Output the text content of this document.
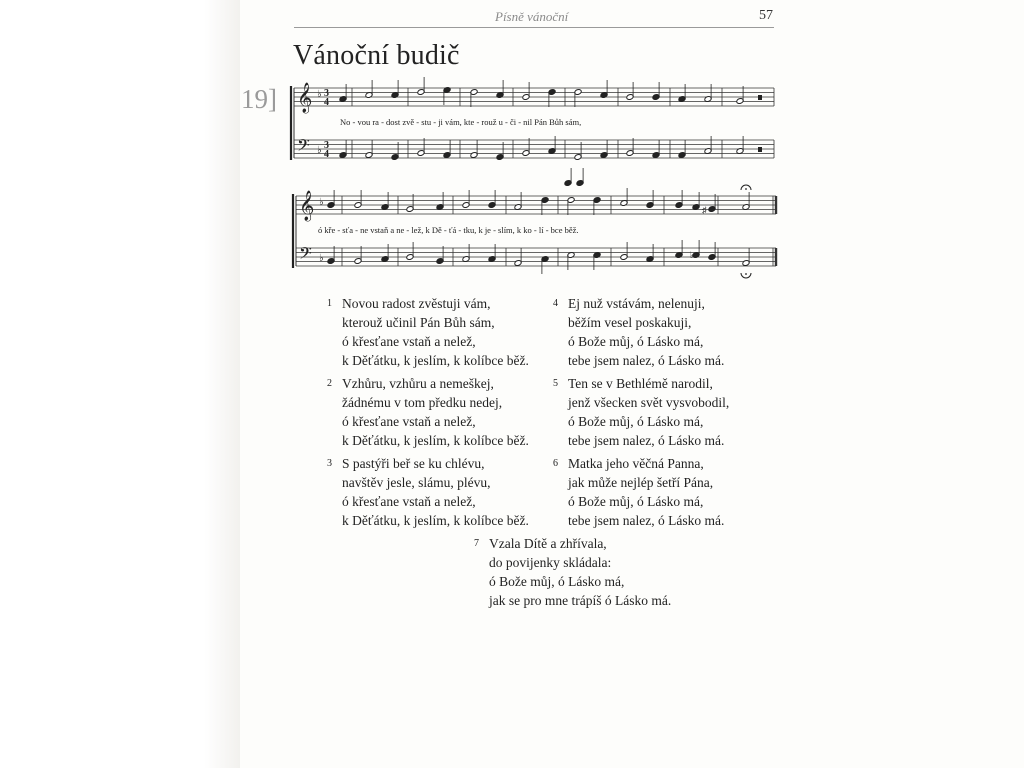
Písně vánoční	57
Vánoční budič
19] 𝄞
𝄢
♭
♭
3
4
3
4
𝄞
𝄢
♭
♭
♯
♭
No - vou ra - dost zvě - stu - ji vám, kte - rouž u - či - nil Pán Bůh sám,
ó kře - sťa - ne vstaň a ne - lež, k Dě - ťá - tku, k je - slím, k ko - lí - bce běž.
1 Novou radost zvěstuji vám,
kterouž učinil Pán Bůh sám,
ó křesťane vstaň a nelež,
k Děťátku, k jeslím, k kolíbce běž.
2 Vzhůru, vzhůru a nemeškej,
žádnému v tom předku nedej,
ó křesťane vstaň a nelež,
k Děťátku, k jeslím, k kolíbce běž.
3 S pastýři beř se ku chlévu,
navštěv jesle, slámu, plévu,
ó křesťane vstaň a nelež,
k Děťátku, k jeslím, k kolíbce běž.
4 Ej nuž vstávám, nelenuji,
běžím vesel poskakuji,
ó Bože můj, ó Lásko má,
tebe jsem nalez, ó Lásko má.
5 Ten se v Bethlémě narodil,
jenž všecken svět vysvobodil,
ó Bože můj, ó Lásko má,
tebe jsem nalez, ó Lásko má.
6 Matka jeho věčná Panna,
jak může nejlép šetří Pána,
ó Bože můj, ó Lásko má,
tebe jsem nalez, ó Lásko má.
7 Vzala Dítě a zhřívala,
do povijenky skládala:
ó Bože můj, ó Lásko má,
jak se pro mne trápíš ó Lásko má.
